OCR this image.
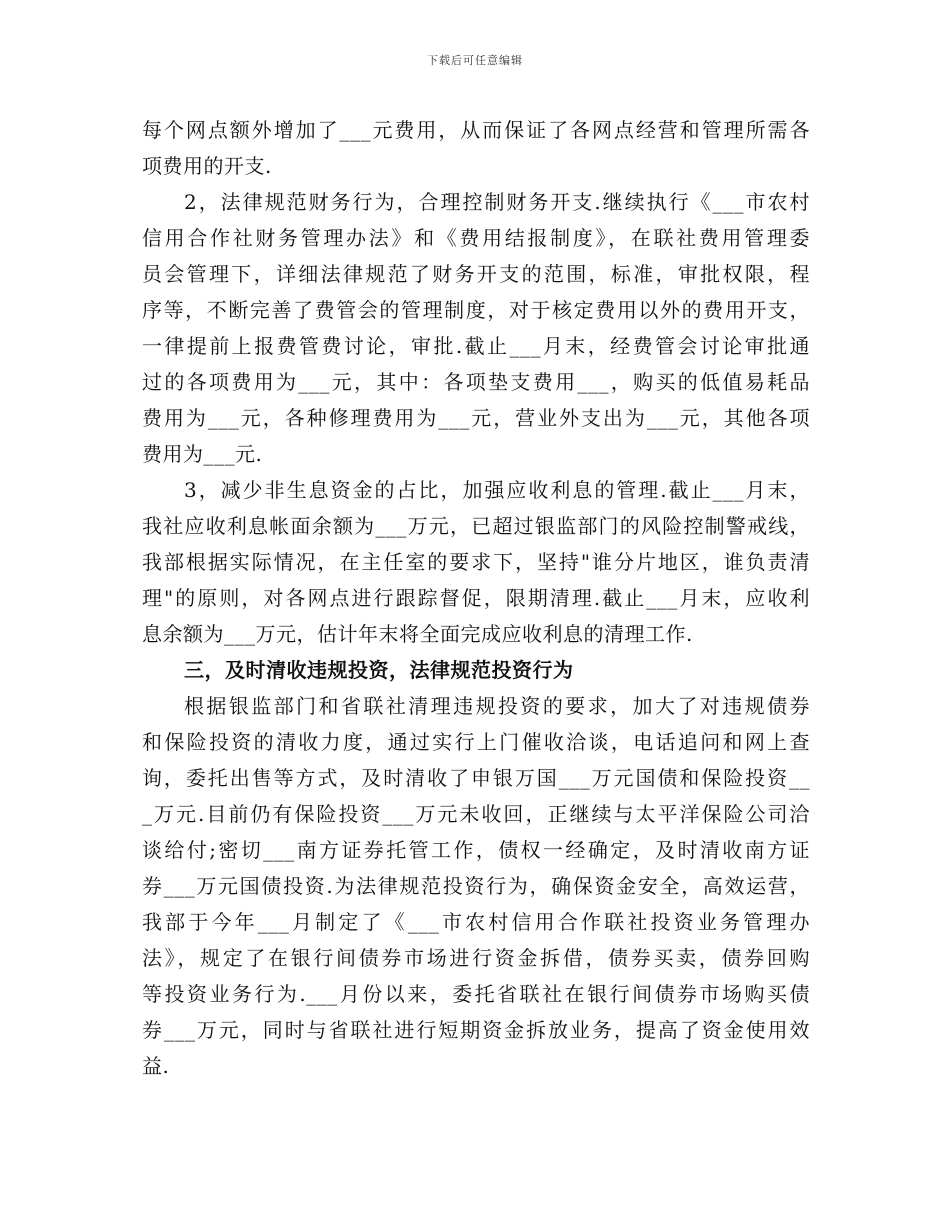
下载后可任意编辑
每个网点额外增加了___元费用，从而保证了各网点经营和管理所需各
项费用的开支.
2，法律规范财务行为，合理控制财务开支.继续执行《___市农村
信用合作社财务管理办法》和《费用结报制度》，在联社费用管理委
员会管理下，详细法律规范了财务开支的范围，标准，审批权限，程
序等，不断完善了费管会的管理制度，对于核定费用以外的费用开支，
一律提前上报费管费讨论，审批.截止___月末，经费管会讨论审批通
过的各项费用为___元，其中：各项垫支费用___，购买的低值易耗品
费用为___元，各种修理费用为___元，营业外支出为___元，其他各项
费用为___元.
3，减少非生息资金的占比，加强应收利息的管理.截止___月末，
我社应收利息帐面余额为___万元，已超过银监部门的风险控制警戒线，
我部根据实际情况，在主任室的要求下，坚持"谁分片地区，谁负责清
理"的原则，对各网点进行跟踪督促，限期清理.截止___月末，应收利
息余额为___万元，估计年末将全面完成应收利息的清理工作.
三，及时清收违规投资，法律规范投资行为
根据银监部门和省联社清理违规投资的要求，加大了对违规债券
和保险投资的清收力度，通过实行上门催收洽谈，电话追问和网上查
询，委托出售等方式，及时清收了申银万国___万元国债和保险投资__
_万元.目前仍有保险投资___万元未收回，正继续与太平洋保险公司洽
谈给付;密切___南方证券托管工作，债权一经确定，及时清收南方证
券___万元国债投资.为法律规范投资行为，确保资金安全，高效运营，
我部于今年___月制定了《___市农村信用合作联社投资业务管理办
法》，规定了在银行间债券市场进行资金拆借，债券买卖，债券回购
等投资业务行为.___月份以来，委托省联社在银行间债券市场购买债
券___万元，同时与省联社进行短期资金拆放业务，提高了资金使用效
益.
